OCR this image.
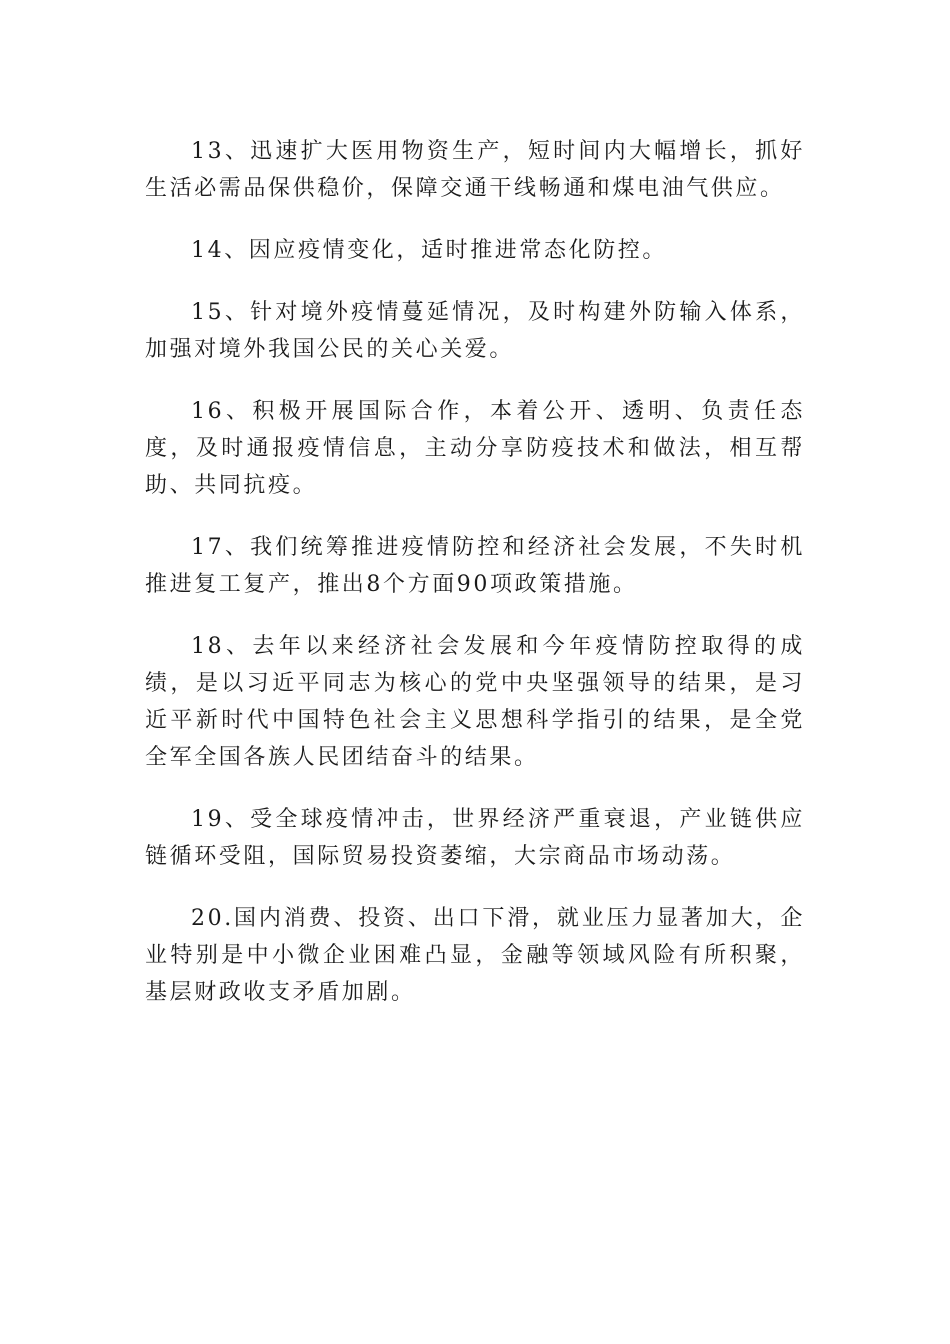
13、迅速扩大医用物资生产，短时间内大幅增长，抓好生活必需品保供稳价，保障交通干线畅通和煤电油气供应。

14、因应疫情变化，适时推进常态化防控。

15、针对境外疫情蔓延情况，及时构建外防输入体系，加强对境外我国公民的关心关爱。

16、积极开展国际合作，本着公开、透明、负责任态度，及时通报疫情信息，主动分享防疫技术和做法，相互帮助、共同抗疫。

17、我们统筹推进疫情防控和经济社会发展，不失时机推进复工复产，推出8个方面90项政策措施。

18、去年以来经济社会发展和今年疫情防控取得的成绩，是以习近平同志为核心的党中央坚强领导的结果，是习近平新时代中国特色社会主义思想科学指引的结果，是全党全军全国各族人民团结奋斗的结果。

19、受全球疫情冲击，世界经济严重衰退，产业链供应链循环受阻，国际贸易投资萎缩，大宗商品市场动荡。

20.国内消费、投资、出口下滑，就业压力显著加大，企业特别是中小微企业困难凸显，金融等领域风险有所积聚，基层财政收支矛盾加剧。
